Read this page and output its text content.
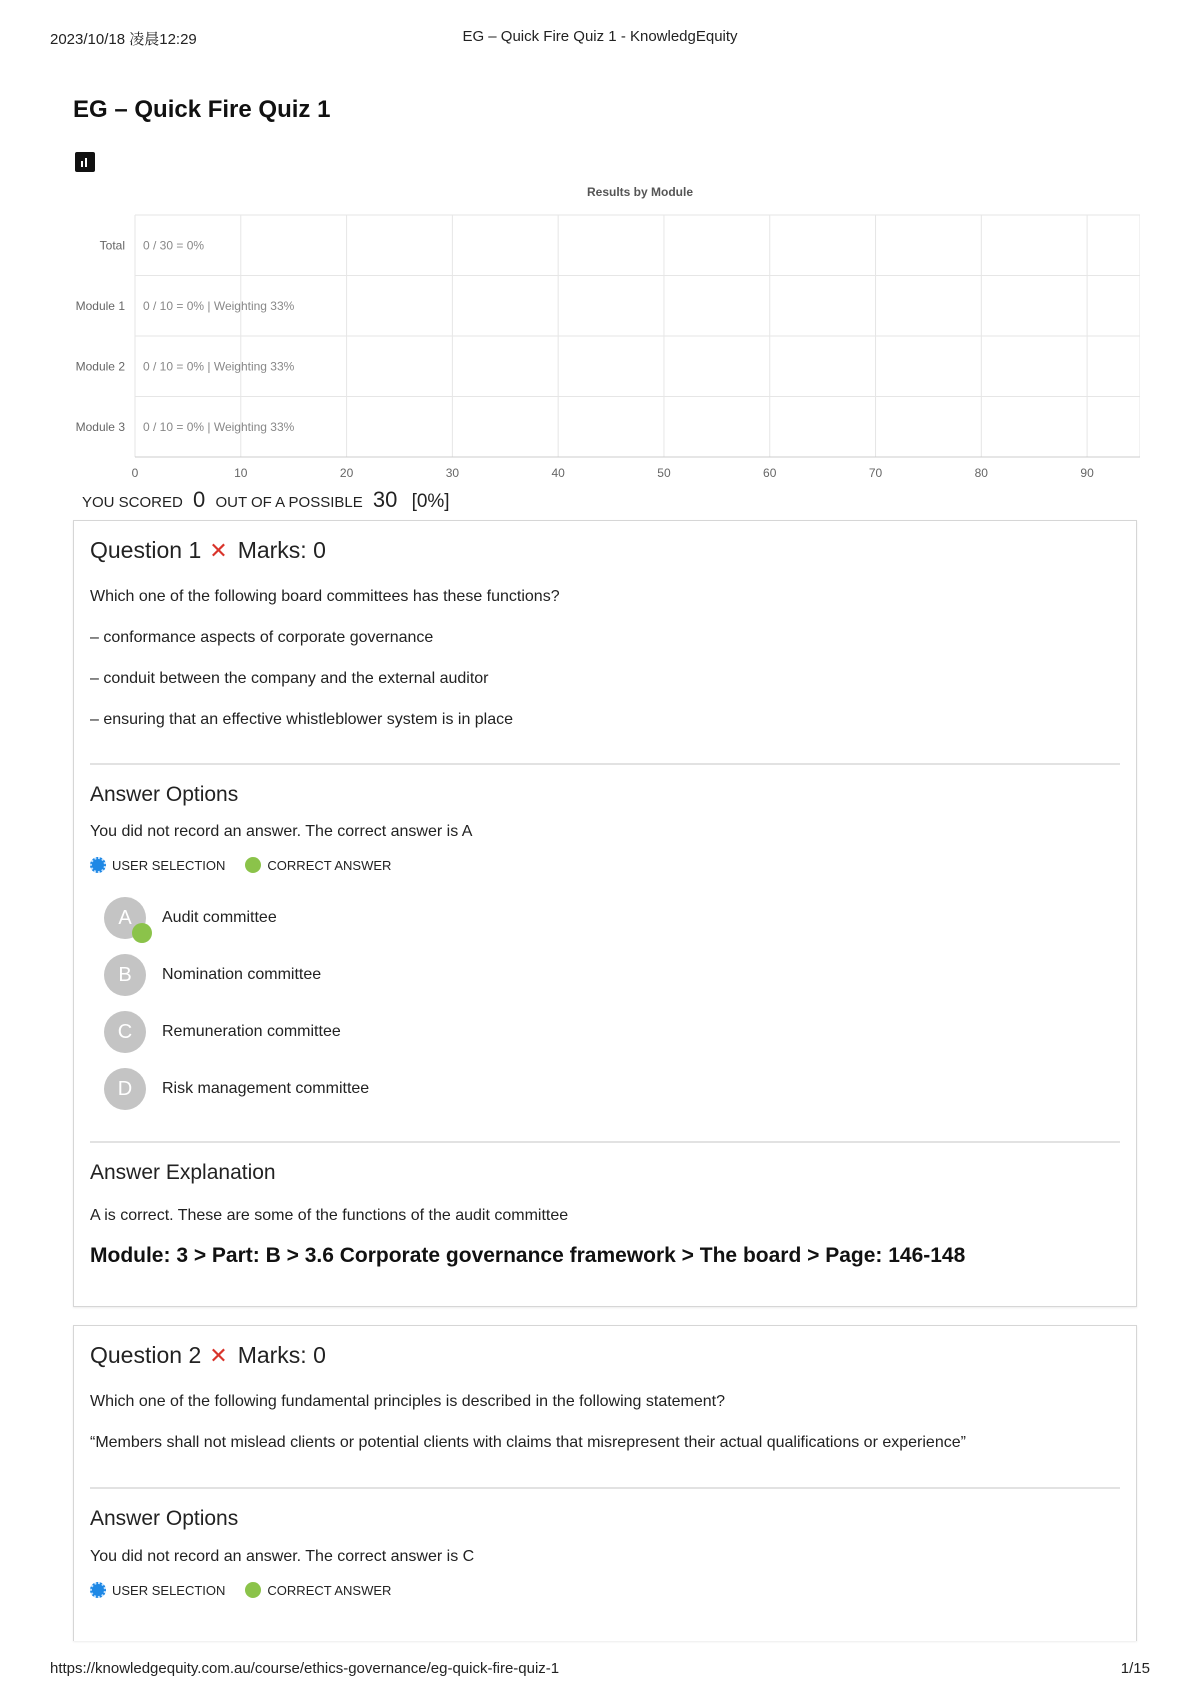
2023/10/18 凌晨12:29	EG – Quick Fire Quiz 1 - KnowledgEquity
EG – Quick Fire Quiz 1
Results by Module
Total 0 / 30 = 0%
Module 1 0 / 10 = 0% | Weighting 33%
Module 2 0 / 10 = 0% | Weighting 33%
Module 3 0 / 10 = 0% | Weighting 33%
0	10	20	30	40	50	60	70	80	90
YOU SCORED 0 OUT OF A POSSIBLE 30 [0%]
Question 1 ✕ Marks: 0
Which one of the following board committees has these functions?
– conformance aspects of corporate governance
– conduit between the company and the external auditor
– ensuring that an effective whistleblower system is in place
Answer Options
You did not record an answer. The correct answer is A
USER SELECTION	CORRECT ANSWER
A Audit committee
B Nomination committee
C Remuneration committee
D Risk management committee
Answer Explanation
A is correct. These are some of the functions of the audit committee
Module: 3 > Part: B > 3.6 Corporate governance framework > The board > Page: 146-148
Question 2 ✕ Marks: 0
Which one of the following fundamental principles is described in the following statement?
“Members shall not mislead clients or potential clients with claims that misrepresent their actual qualifications or experience”
Answer Options
You did not record an answer. The correct answer is C
USER SELECTION	CORRECT ANSWER
https://knowledgequity.com.au/course/ethics-governance/eg-quick-fire-quiz-1	1/15
